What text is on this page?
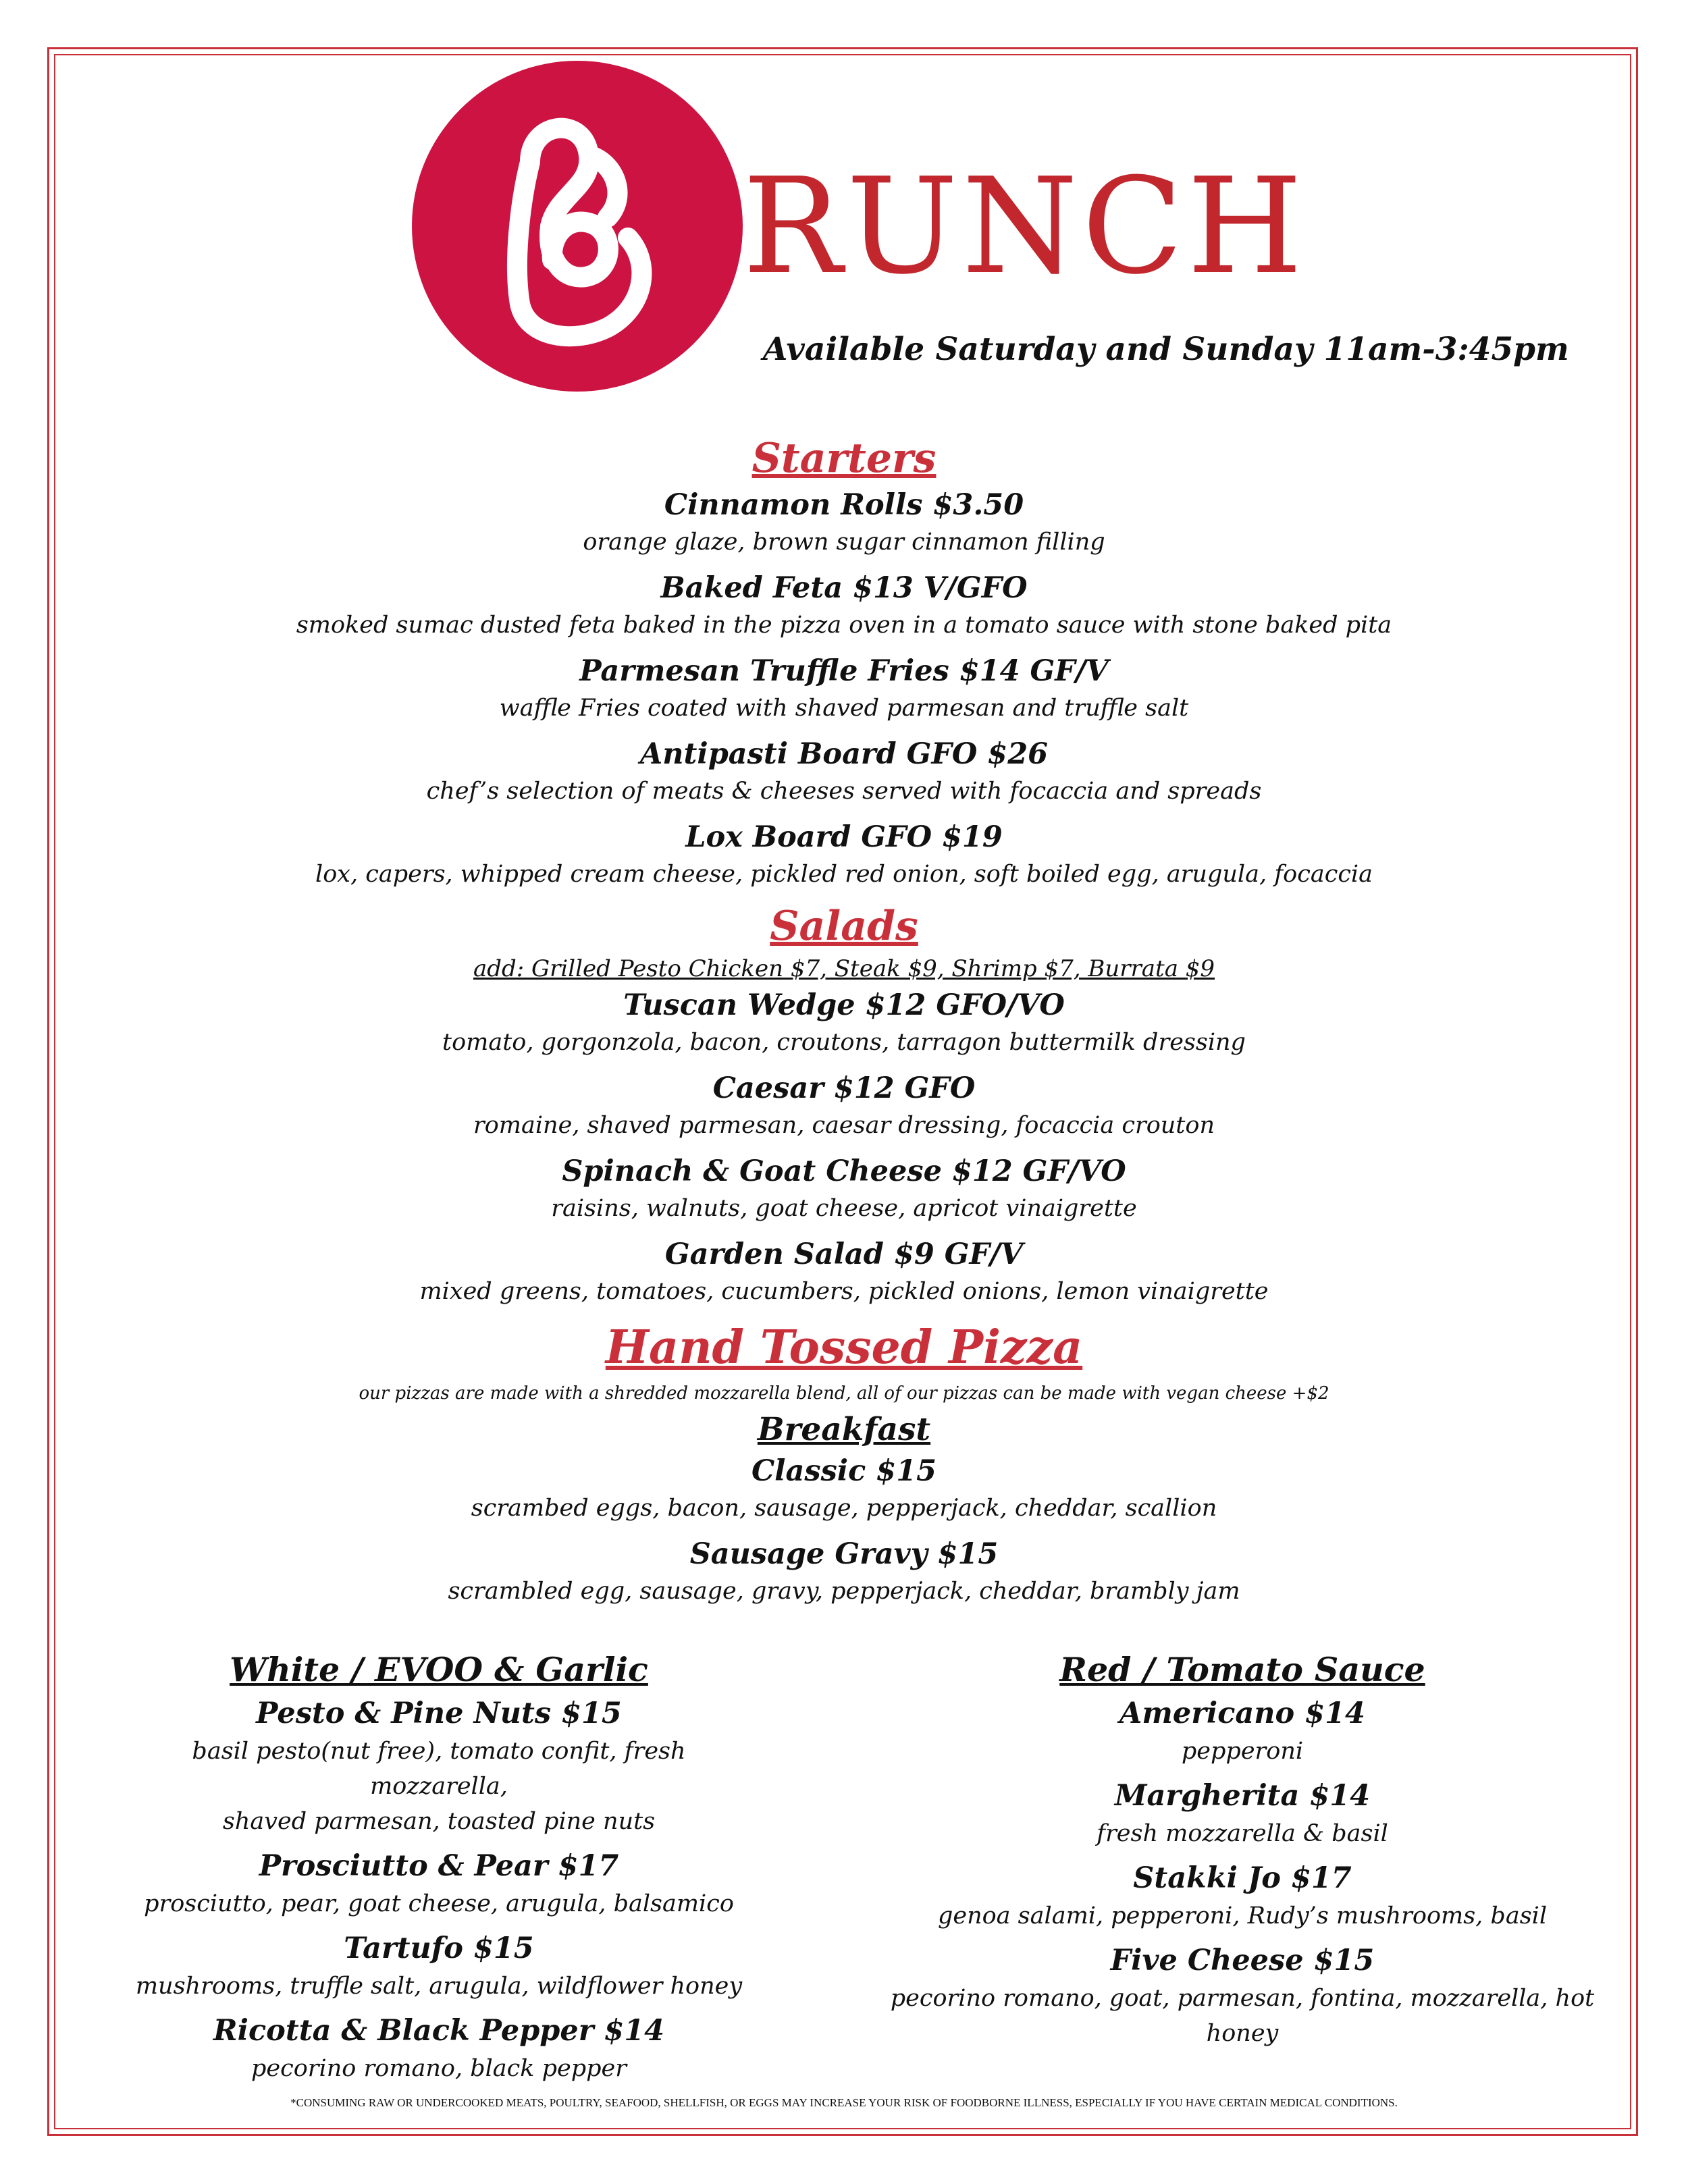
RUNCH
Available Saturday and Sunday 11am-3:45pm

Starters

Cinnamon Rolls $3.50

orange glaze, brown sugar cinnamon filling

Baked Feta $13 V/GFO

smoked sumac dusted feta baked in the pizza oven in a tomato sauce with stone baked pita

Parmesan Truffle Fries $14 GF/V

waffle Fries coated with shaved parmesan and truffle salt

Antipasti Board GFO $26

chef’s selection of meats & cheeses served with focaccia and spreads

Lox Board GFO $19

lox, capers, whipped cream cheese, pickled red onion, soft boiled egg, arugula, focaccia

Salads

add: Grilled Pesto Chicken $7, Steak $9, Shrimp $7, Burrata $9

Tuscan Wedge $12 GFO/VO

tomato, gorgonzola, bacon, croutons, tarragon buttermilk dressing

Caesar $12 GFO

romaine, shaved parmesan, caesar dressing, focaccia crouton

Spinach & Goat Cheese $12 GF/VO

raisins, walnuts, goat cheese, apricot vinaigrette

Garden Salad $9 GF/V

mixed greens, tomatoes, cucumbers, pickled onions, lemon vinaigrette

Hand Tossed Pizza

our pizzas are made with a shredded mozzarella blend, all of our pizzas can be made with vegan cheese +$2

Breakfast

Classic $15

scrambed eggs, bacon, sausage, pepperjack, cheddar, scallion

Sausage Gravy $15

scrambled egg, sausage, gravy, pepperjack, cheddar, brambly jam

White / EVOO & Garlic

Pesto & Pine Nuts $15

basil pesto(nut free), tomato confit, fresh mozzarella,

shaved parmesan, toasted pine nuts

Prosciutto & Pear $17

prosciutto, pear, goat cheese, arugula, balsamico

Tartufo $15

mushrooms, truffle salt, arugula, wildflower honey

Ricotta & Black Pepper $14

pecorino romano, black pepper

Red / Tomato Sauce

Americano $14

pepperoni

Margherita $14

fresh mozzarella & basil

Stakki Jo $17

genoa salami, pepperoni, Rudy’s mushrooms, basil

Five Cheese $15

pecorino romano, goat, parmesan, fontina, mozzarella, hot honey

*CONSUMING RAW OR UNDERCOOKED MEATS, POULTRY, SEAFOOD, SHELLFISH, OR EGGS MAY INCREASE YOUR RISK OF FOODBORNE ILLNESS, ESPECIALLY IF YOU HAVE CERTAIN MEDICAL CONDITIONS.
